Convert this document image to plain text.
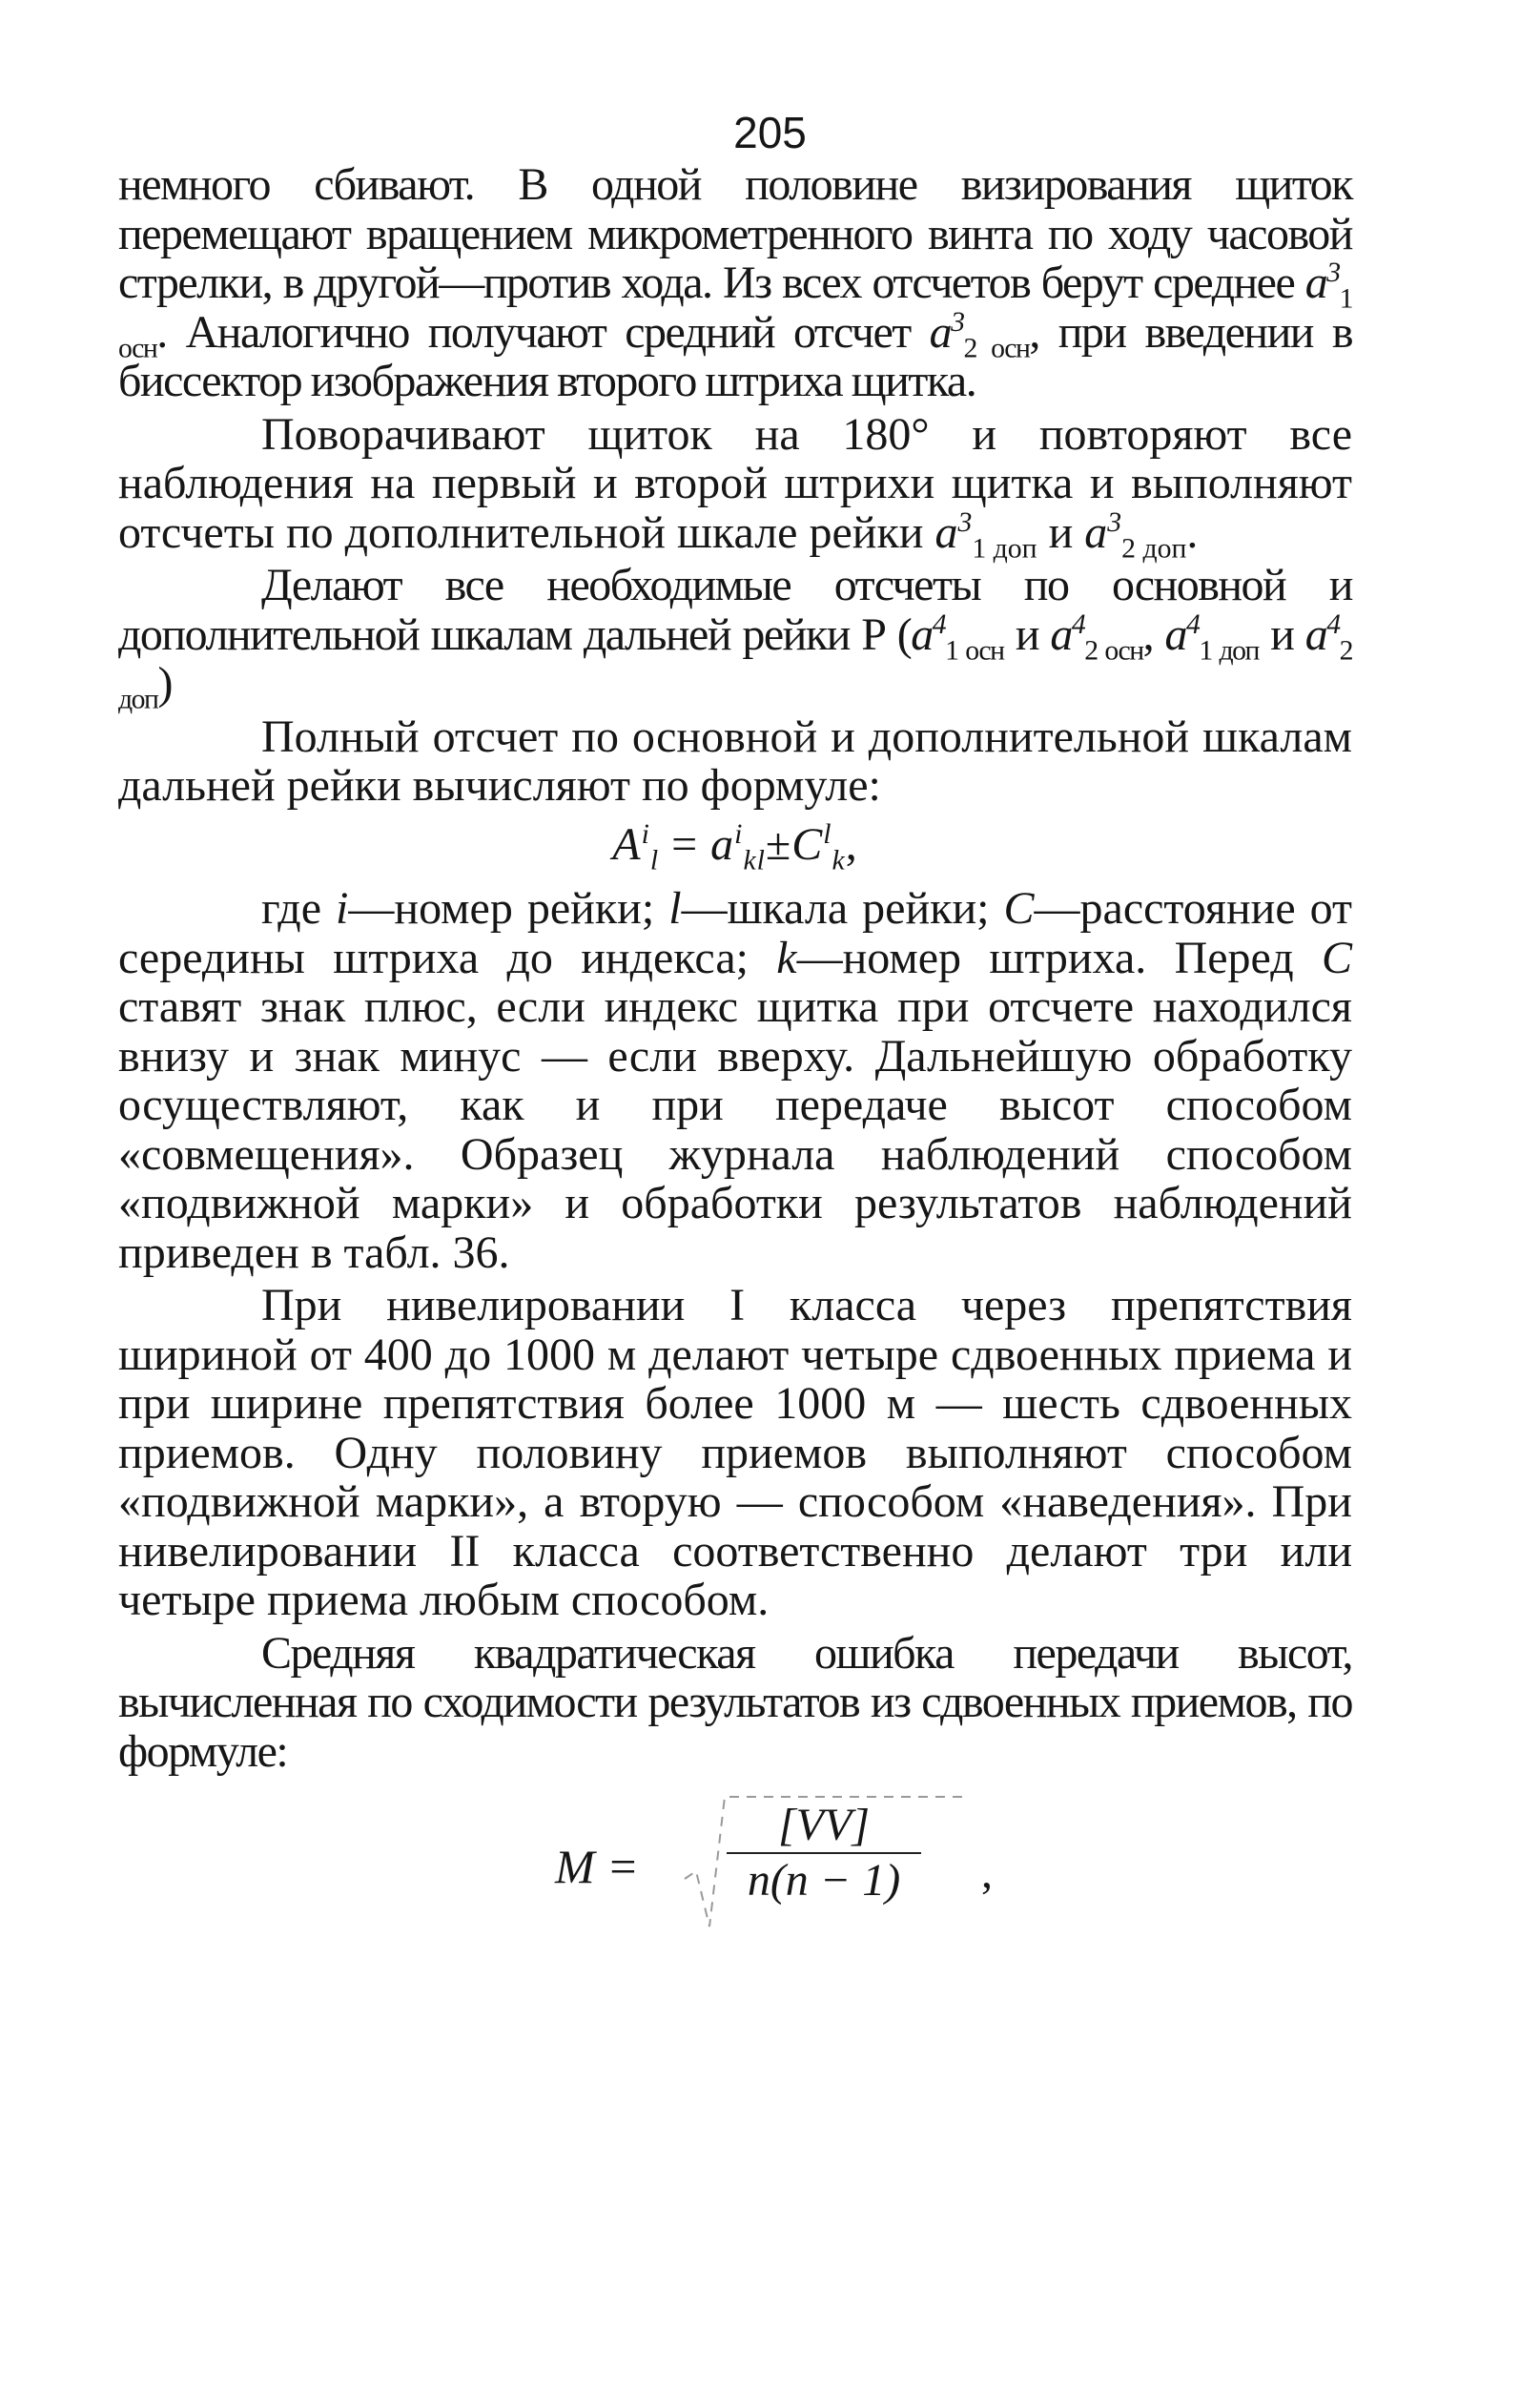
205

немного сбивают. В одной половине визирования щиток перемещают вращением микрометренного винта по ходу часовой стрелки, в другой—против хода. Из всех отсчетов берут среднее $a^3_{1 осн}$. Аналогично получают средний отсчет $a^3_{2 осн}$, при введении в биссектор изображения второго штриха щитка.

Поворачивают щиток на 180° и повторяют все наблюдения на первый и второй штрихи щитка и выполняют отсчеты по дополнительной шкале рейки $a^3_{1 доп}$ и $a^3_{2 доп}$.

Делают все необходимые отсчеты по основной и дополнительной шкалам дальней рейки Р ($a^4_{1 осн}$ и $a^4_{2 осн}$, $a^4_{1 доп}$ и $a^4_{2 доп}$)

Полный отсчет по основной и дополнительной шкалам дальней рейки вычисляют по формуле:

$A^i_l = a^i_{kl}\pm C^l_k$,

где i—номер рейки; l—шкала рейки; C—расстояние от середины штриха до индекса; k—номер штриха. Перед C ставят знак плюс, если индекс щитка при отсчете находился внизу и знак минус — если вверху. Дальнейшую обработку осуществляют, как и при передаче высот способом «совмещения». Образец журнала наблюдений способом «подвижной марки» и обработки результатов наблюдений приведен в табл. 36.

При нивелировании I класса через препятствия шириной от 400 до 1000 м делают четыре сдвоенных приема и при ширине препятствия более 1000 м — шесть сдвоенных приемов. Одну половину приемов выполняют способом «подвижной марки», а вторую — способом «наведения». При нивелировании II класса соответственно делают три или четыре приема любым способом.

Средняя квадратическая ошибка передачи высот, вычисленная по сходимости результатов из сдвоенных приемов, по формуле:

M =
[VV]
n(n − 1)	,
